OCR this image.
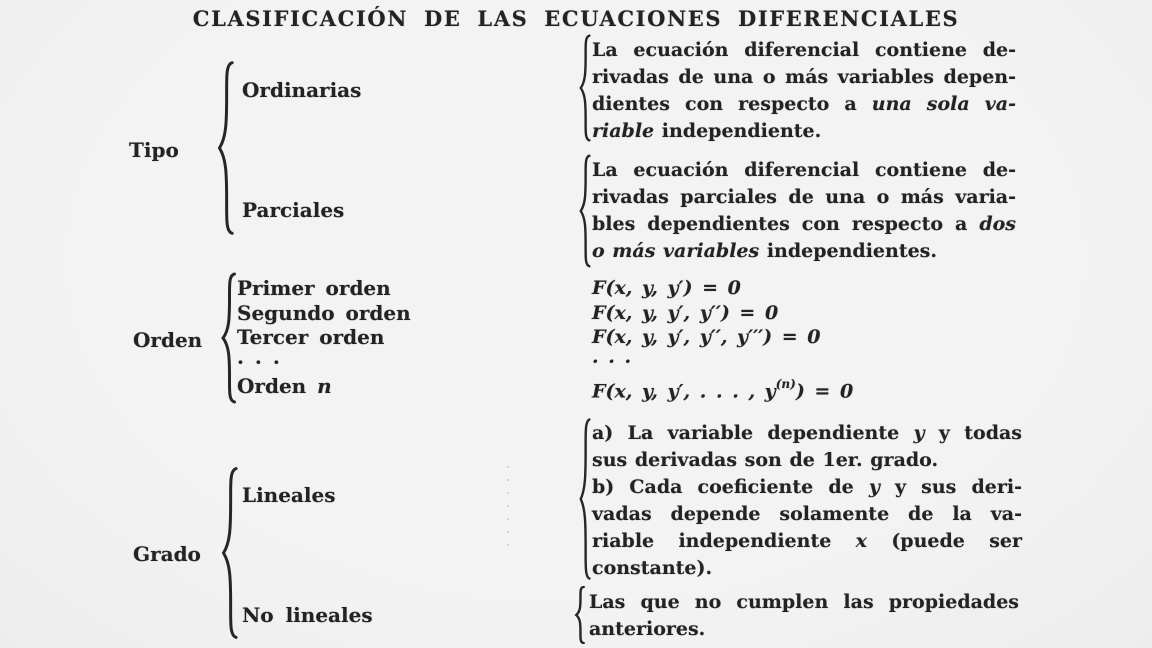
CLASIFICACIÓN DE LAS ECUACIONES DIFERENCIALES
Tipo
Ordinarias
Parciales
La ecuación diferencial contiene de-
rivadas de una o más variables depen-
dientes con respecto a una sola va-
riable independiente.
La ecuación diferencial contiene de-
rivadas parciales de una o más varia-
bles dependientes con respecto a dos
o más variables independientes.
Orden
Primer orden
Segundo orden
Tercer orden
· · ·
Orden n
F(x, y, y′) = 0
F(x, y, y′, y′′) = 0
F(x, y, y′, y′′, y′′′) = 0
· · ·
F(x, y, y′, . . . , $y^{(n)}) = 0$
Grado
Lineales
No lineales
a) La variable dependiente y y todas
sus derivadas son de 1er. grado.
b) Cada coeficiente de y y sus deri-
vadas depende solamente de la va-
riable independiente x (puede ser
constante).
Las que no cumplen las propiedades
anteriores.
